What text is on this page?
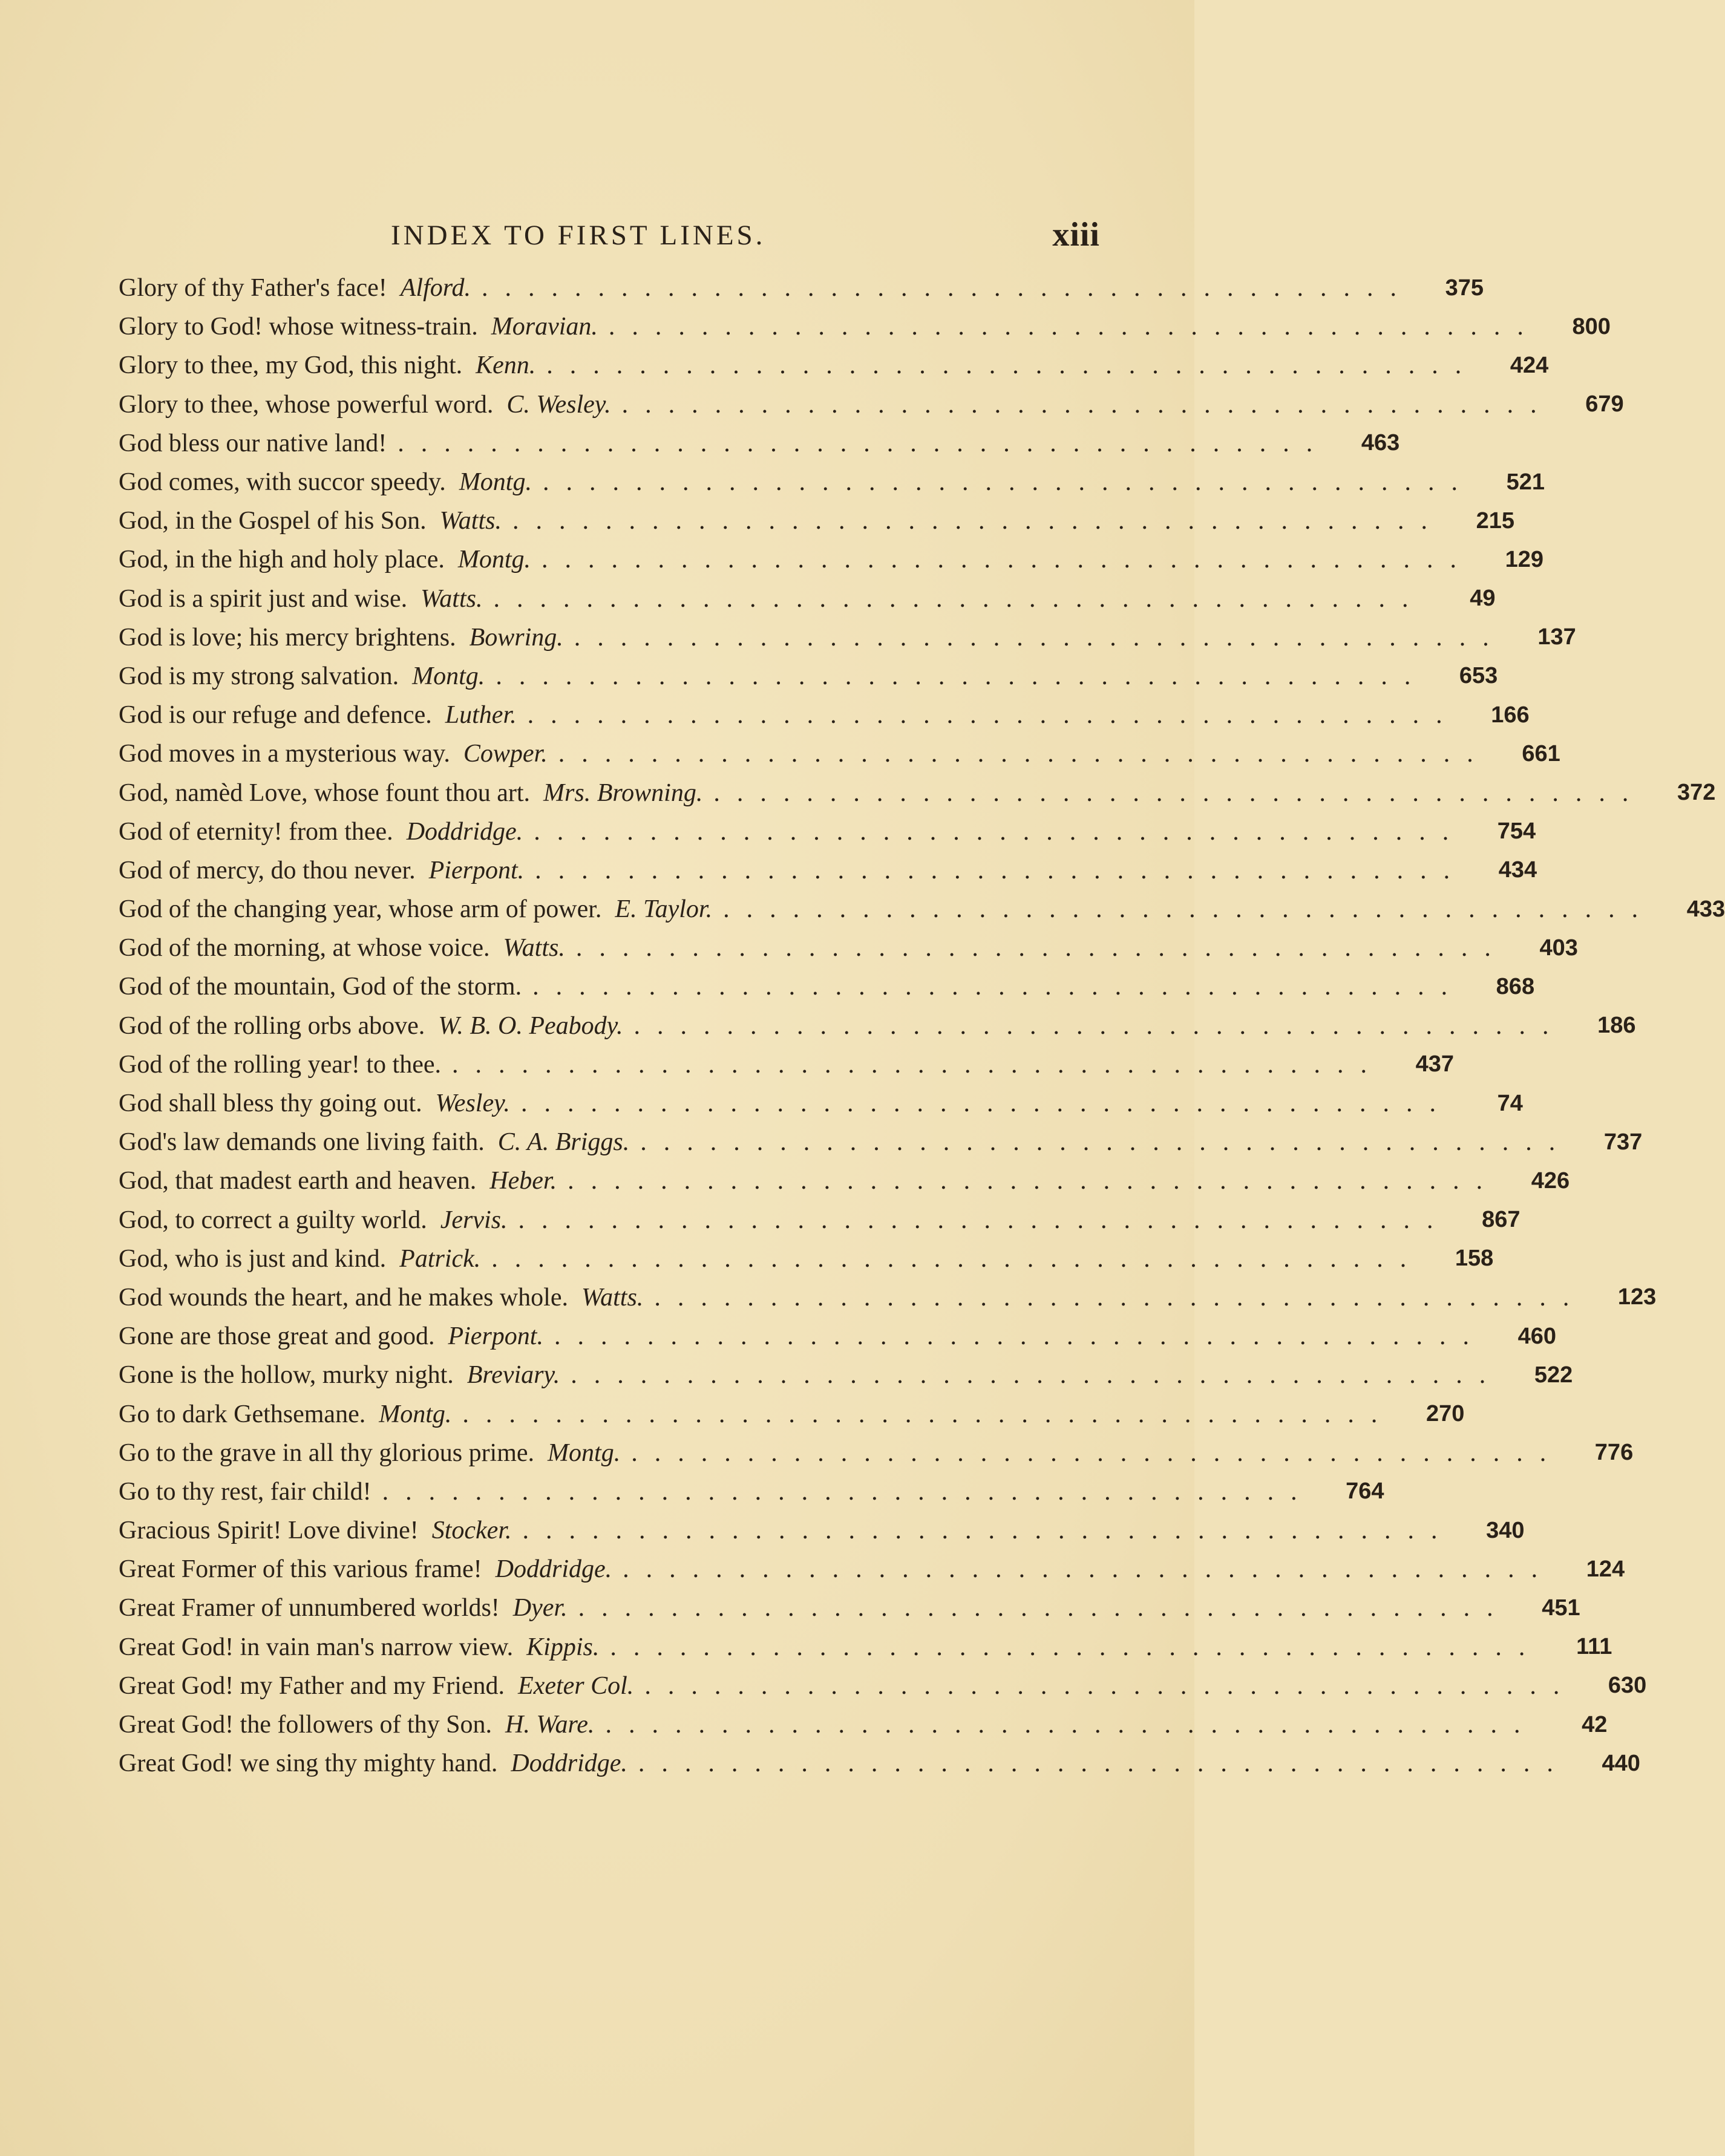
INDEX TO FIRST LINES.	xiii
Glory of thy Father's face! Alford. ........................................	375
Glory to God! whose witness-train. Moravian. ........................................	800
Glory to thee, my God, this night. Kenn. ........................................	424
Glory to thee, whose powerful word. C. Wesley. ........................................	679
God bless our native land! ........................................	463
God comes, with succor speedy. Montg. ........................................	521
God, in the Gospel of his Son. Watts. ........................................	215
God, in the high and holy place. Montg. ........................................	129
God is a spirit just and wise. Watts. ........................................	49
God is love; his mercy brightens. Bowring. ........................................	137
God is my strong salvation. Montg. ........................................	653
God is our refuge and defence. Luther. ........................................	166
God moves in a mysterious way. Cowper. ........................................	661
God, namèd Love, whose fount thou art. Mrs. Browning. ........................................	372
God of eternity! from thee. Doddridge. ........................................	754
God of mercy, do thou never. Pierpont. ........................................	434
God of the changing year, whose arm of power. E. Taylor. ........................................	433
God of the morning, at whose voice. Watts. ........................................	403
God of the mountain, God of the storm. ........................................	868
God of the rolling orbs above. W. B. O. Peabody. ........................................	186
God of the rolling year! to thee. ........................................	437
God shall bless thy going out. Wesley. ........................................	74
God's law demands one living faith. C. A. Briggs. ........................................	737
God, that madest earth and heaven. Heber. ........................................	426
God, to correct a guilty world. Jervis. ........................................	867
God, who is just and kind. Patrick. ........................................	158
God wounds the heart, and he makes whole. Watts. ........................................	123
Gone are those great and good. Pierpont. ........................................	460
Gone is the hollow, murky night. Breviary. ........................................	522
Go to dark Gethsemane. Montg. ........................................	270
Go to the grave in all thy glorious prime. Montg. ........................................	776
Go to thy rest, fair child! ........................................	764
Gracious Spirit! Love divine! Stocker. ........................................	340
Great Former of this various frame! Doddridge. ........................................	124
Great Framer of unnumbered worlds! Dyer. ........................................	451
Great God! in vain man's narrow view. Kippis. ........................................	111
Great God! my Father and my Friend. Exeter Col. ........................................	630
Great God! the followers of thy Son. H. Ware. ........................................	42
Great God! we sing thy mighty hand. Doddridge. ........................................	440
